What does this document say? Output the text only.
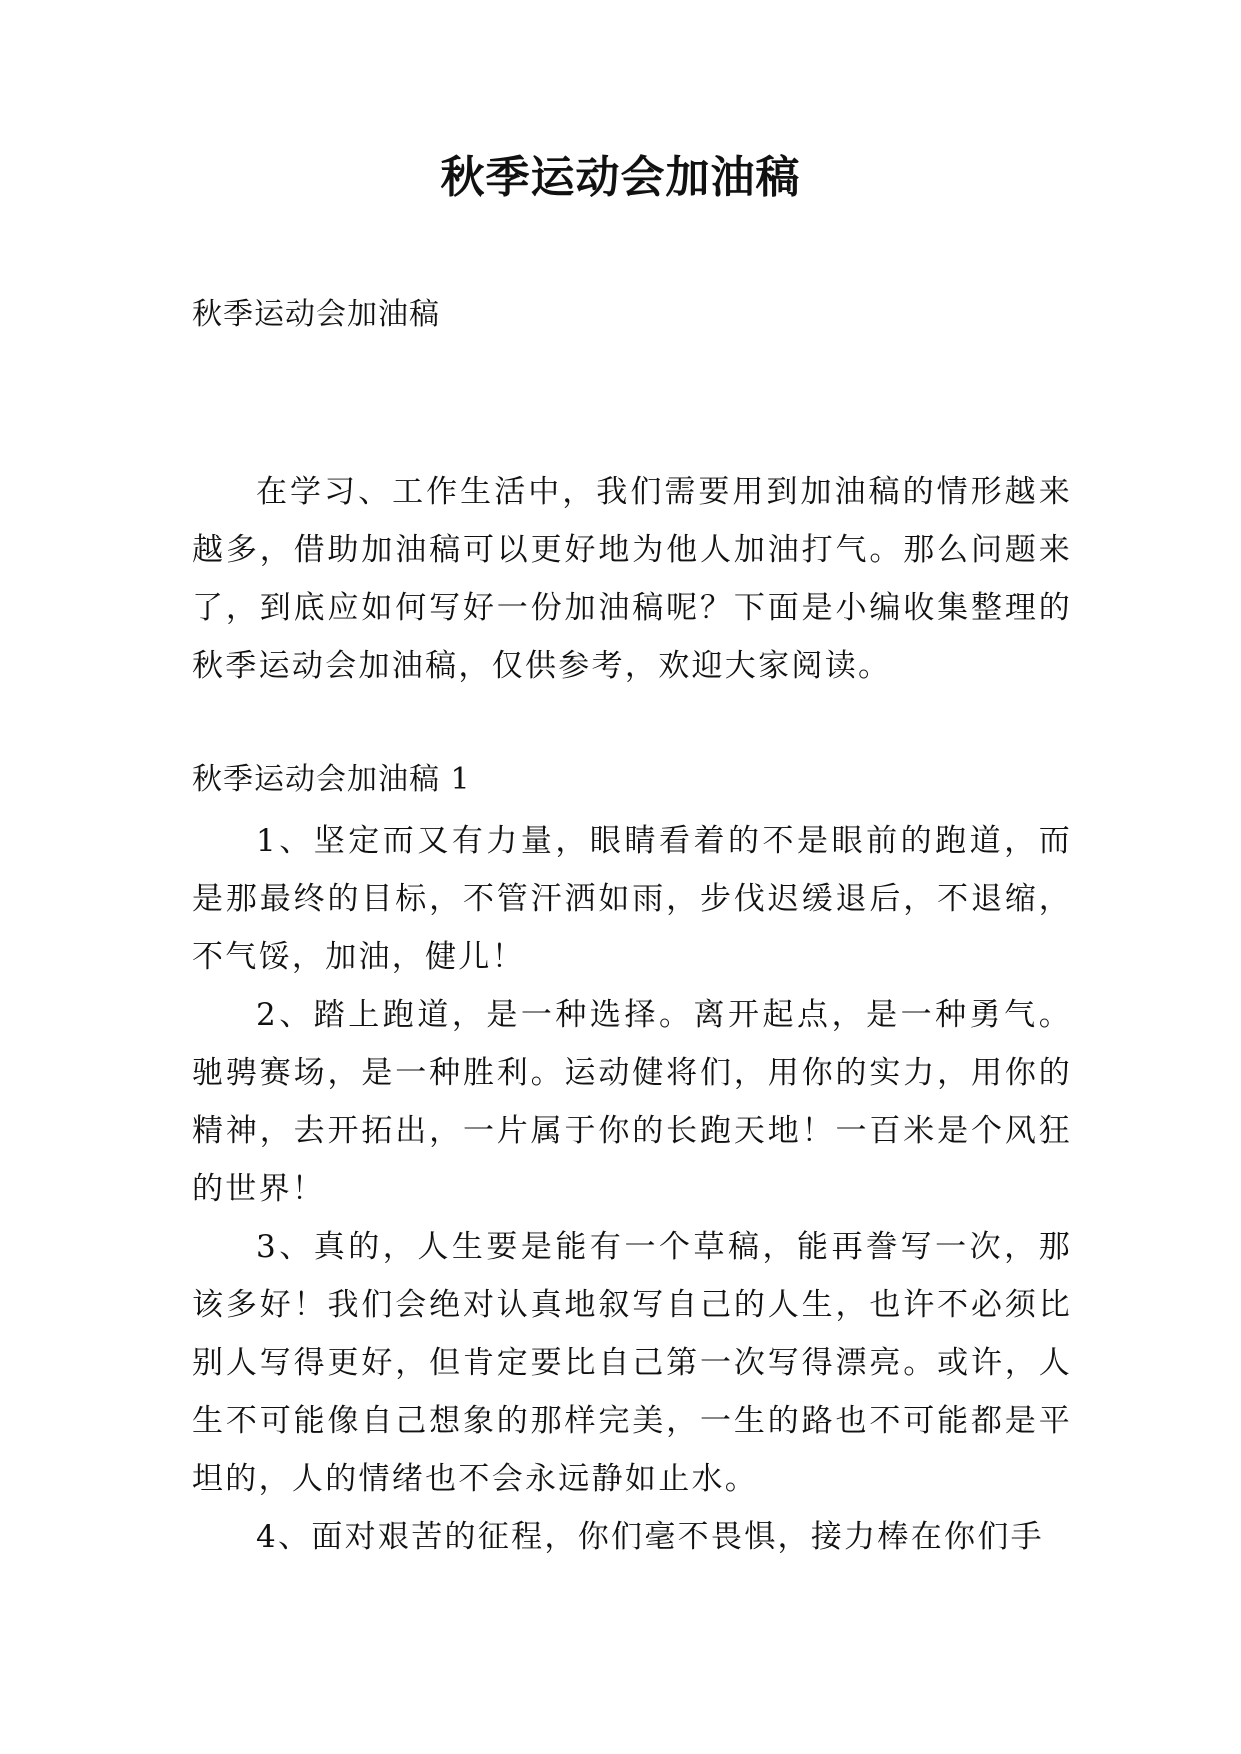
秋季运动会加油稿

秋季运动会加油稿

在学习、工作生活中，我们需要用到加油稿的情形越来越多，借助加油稿可以更好地为他人加油打气。那么问题来了，到底应如何写好一份加油稿呢？下面是小编收集整理的秋季运动会加油稿，仅供参考，欢迎大家阅读。

秋季运动会加油稿 1

1、坚定而又有力量，眼睛看着的不是眼前的跑道，而是那最终的目标，不管汗洒如雨，步伐迟缓退后，不退缩，不气馁，加油，健儿！

2、踏上跑道，是一种选择。离开起点，是一种勇气。驰骋赛场，是一种胜利。运动健将们，用你的实力，用你的精神，去开拓出，一片属于你的长跑天地！一百米是个风狂的世界！

3、真的，人生要是能有一个草稿，能再誊写一次，那该多好！我们会绝对认真地叙写自己的人生，也许不必须比别人写得更好，但肯定要比自己第一次写得漂亮。或许，人生不可能像自己想象的那样完美，一生的路也不可能都是平坦的，人的情绪也不会永远静如止水。

4、面对艰苦的征程，你们毫不畏惧，接力棒在你们手
